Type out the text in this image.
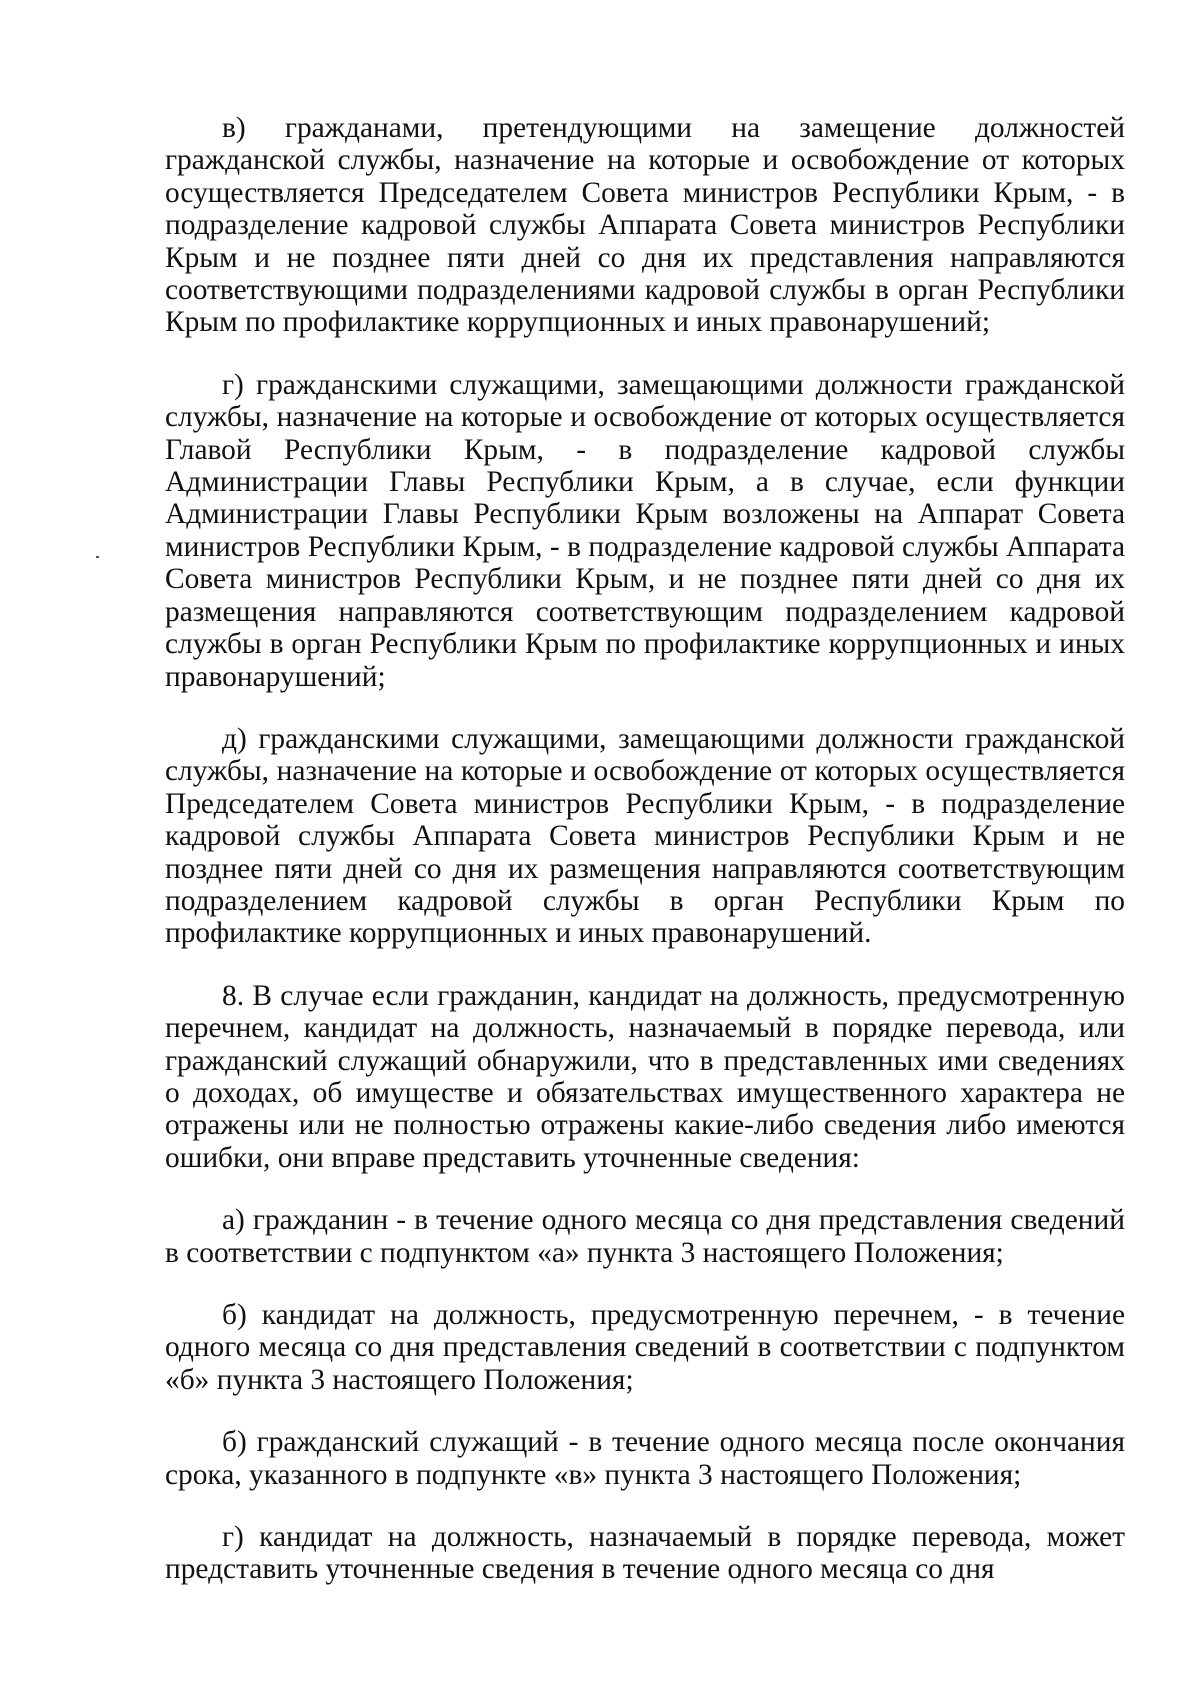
в) гражданами, претендующими на замещение должностей гражданской службы, назначение на которые и освобождение от которых осуществляется Председателем Совета министров Республики Крым, - в подразделение кадровой службы Аппарата Совета министров Республики Крым и не позднее пяти дней со дня их представления направляются соответствующими подразделениями кадровой службы в орган Республики Крым по профилактике коррупционных и иных правонарушений;

г) гражданскими служащими, замещающими должности гражданской службы, назначение на которые и освобождение от которых осуществляется Главой Республики Крым, - в подразделение кадровой службы Администрации Главы Республики Крым, а в случае, если функции Администрации Главы Республики Крым возложены на Аппарат Совета министров Республики Крым, - в подразделение кадровой службы Аппарата Совета министров Республики Крым, и не позднее пяти дней со дня их размещения направляются соответствующим подразделением кадровой службы в орган Республики Крым по профилактике коррупционных и иных правонарушений;

д) гражданскими служащими, замещающими должности гражданской службы, назначение на которые и освобождение от которых осуществляется Председателем Совета министров Республики Крым, - в подразделение кадровой службы Аппарата Совета министров Республики Крым и не позднее пяти дней со дня их размещения направляются соответствующим подразделением кадровой службы в орган Республики Крым по профилактике коррупционных и иных правонарушений.

8. В случае если гражданин, кандидат на должность, предусмотренную перечнем, кандидат на должность, назначаемый в порядке перевода, или гражданский служащий обнаружили, что в представленных ими сведениях о доходах, об имуществе и обязательствах имущественного характера не отражены или не полностью отражены какие-либо сведения либо имеются ошибки, они вправе представить уточненные сведения:

а) гражданин - в течение одного месяца со дня представления сведений в соответствии с подпунктом «а» пункта 3 настоящего Положения;

б) кандидат на должность, предусмотренную перечнем, - в течение одного месяца со дня представления сведений в соответствии с подпунктом «б» пункта 3 настоящего Положения;

б) гражданский служащий - в течение одного месяца после окончания срока, указанного в подпункте «в» пункта 3 настоящего Положения;

г) кандидат на должность, назначаемый в порядке перевода, может представить уточненные сведения в течение одного месяца со дня
